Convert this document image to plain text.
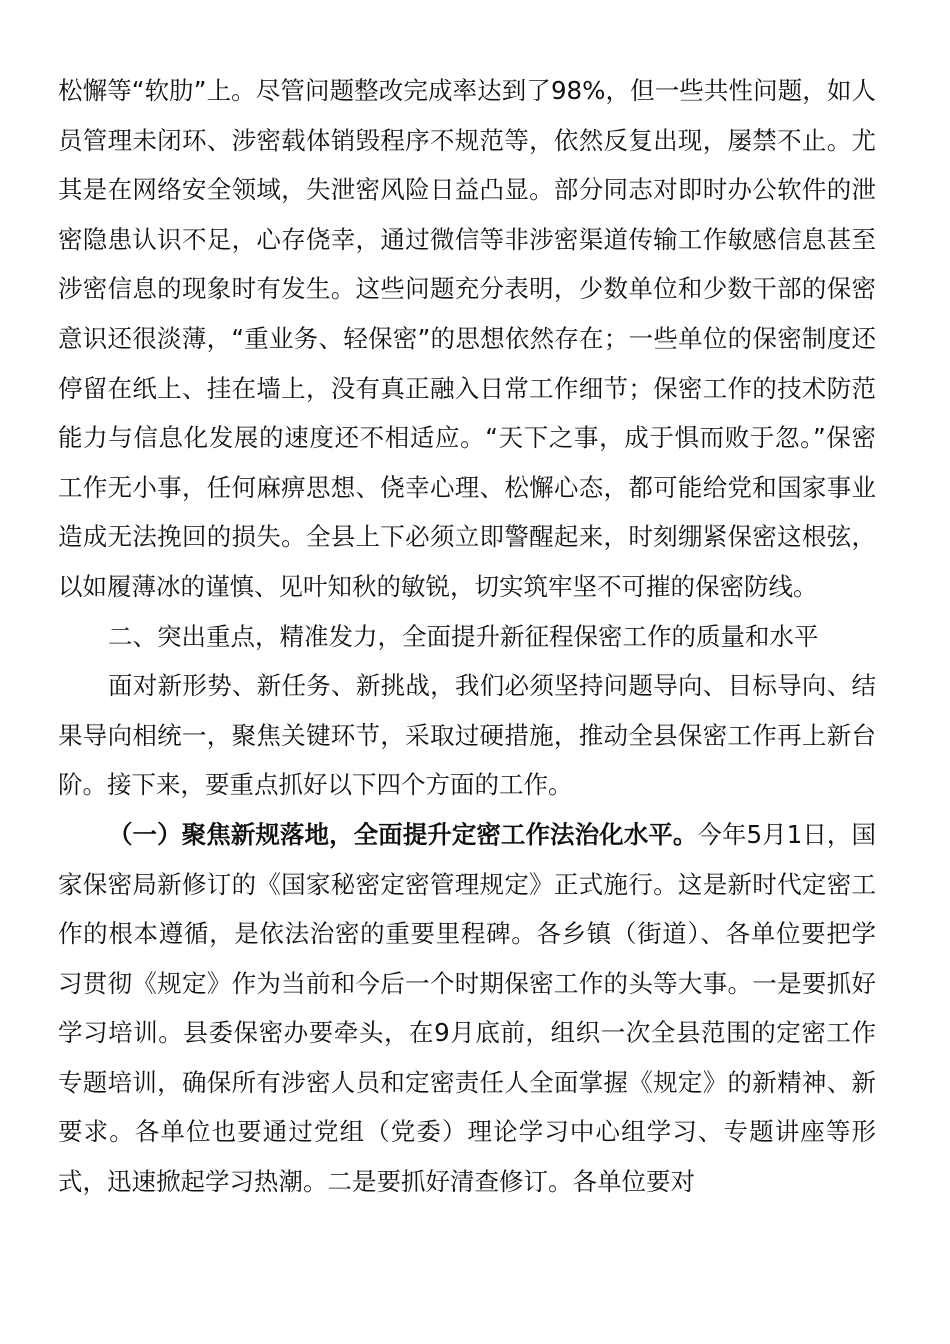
松懈等“软肋”上。尽管问题整改完成率达到了98%，但一些共性问题，如人员管理未闭环、涉密载体销毁程序不规范等，依然反复出现，屡禁不止。尤其是在网络安全领域，失泄密风险日益凸显。部分同志对即时办公软件的泄密隐患认识不足，心存侥幸，通过微信等非涉密渠道传输工作敏感信息甚至涉密信息的现象时有发生。这些问题充分表明，少数单位和少数干部的保密意识还很淡薄，“重业务、轻保密”的思想依然存在；一些单位的保密制度还停留在纸上、挂在墙上，没有真正融入日常工作细节；保密工作的技术防范能力与信息化发展的速度还不相适应。“天下之事，成于惧而败于忽。”保密工作无小事，任何麻痹思想、侥幸心理、松懈心态，都可能给党和国家事业造成无法挽回的损失。全县上下必须立即警醒起来，时刻绷紧保密这根弦，以如履薄冰的谨慎、见叶知秋的敏锐，切实筑牢坚不可摧的保密防线。

二、突出重点，精准发力，全面提升新征程保密工作的质量和水平

面对新形势、新任务、新挑战，我们必须坚持问题导向、目标导向、结果导向相统一，聚焦关键环节，采取过硬措施，推动全县保密工作再上新台阶。接下来，要重点抓好以下四个方面的工作。

（一）聚焦新规落地，全面提升定密工作法治化水平。今年5月1日，国家保密局新修订的《国家秘密定密管理规定》正式施行。这是新时代定密工作的根本遵循，是依法治密的重要里程碑。各乡镇（街道）、各单位要把学习贯彻《规定》作为当前和今后一个时期保密工作的头等大事。一是要抓好学习培训。县委保密办要牵头，在9月底前，组织一次全县范围的定密工作专题培训，确保所有涉密人员和定密责任人全面掌握《规定》的新精神、新要求。各单位也要通过党组（党委）理论学习中心组学习、专题讲座等形式，迅速掀起学习热潮。二是要抓好清查修订。各单位要对
